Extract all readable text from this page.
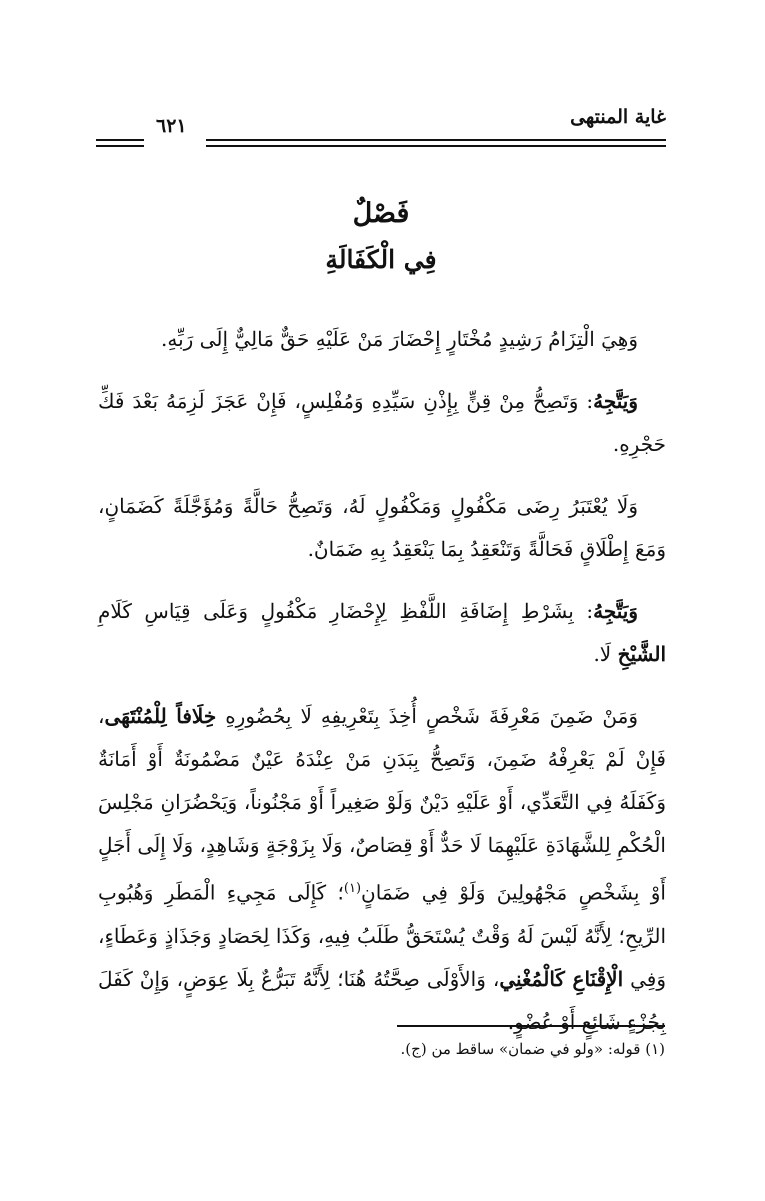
غاية المنتهى
٦٢١
فَصْلٌ
فِي الْكَفَالَةِ

وَهِيَ الْتِزَامُ رَشِيدٍ مُخْتَارٍ إِحْضَارَ مَنْ عَلَيْهِ حَقٌّ مَالِيٌّ إِلَى رَبِّهِ.

وَيَتَّجِهُ: وَتَصِحُّ مِنْ قِنٍّ بِإِذْنِ سَيِّدِهِ وَمُفْلِسٍ، فَإِنْ عَجَزَ لَزِمَهُ بَعْدَ فَكِّ حَجْرِهِ.

وَلَا يُعْتَبَرُ رِضَى مَكْفُولٍ وَمَكْفُولٍ لَهُ، وَتَصِحُّ حَالَّةً وَمُؤَجَّلَةً كَضَمَانٍ، وَمَعَ إِطْلَاقٍ فَحَالَّةً وَتَنْعَقِدُ بِمَا يَنْعَقِدُ بِهِ ضَمَانٌ.

وَيَتَّجِهُ: بِشَرْطِ إِضَافَةِ اللَّفْظِ لِإِحْضَارِ مَكْفُولٍ وَعَلَى قِيَاسِ كَلَامِ الشَّيْخِ لَا.

وَمَنْ ضَمِنَ مَعْرِفَةَ شَخْصٍ أُخِذَ بِتَعْرِيفِهِ لَا بِحُضُورِهِ خِلَافاً لِلْمُنْتَهَى، فَإِنْ لَمْ يَعْرِفْهُ ضَمِنَ، وَتَصِحُّ بِبَدَنِ مَنْ عِنْدَهُ عَيْنٌ مَضْمُونَةٌ أَوْ أَمَانَةٌ وَكَفَلَهُ فِي التَّعَدِّي، أَوْ عَلَيْهِ دَيْنٌ وَلَوْ صَغِيراً أَوْ مَجْنُوناً، وَيَحْضُرَانِ مَجْلِسَ الْحُكْمِ لِلشَّهَادَةِ عَلَيْهِمَا لَا حَدٌّ أَوْ قِصَاصٌ، وَلَا بِزَوْجَةٍ وَشَاهِدٍ، وَلَا إِلَى أَجَلٍ أَوْ بِشَخْصٍ مَجْهُولِينَ وَلَوْ فِي ضَمَانٍ$^{(١)}$؛ كَإِلَى مَجِيءِ الْمَطَرِ وَهُبُوبِ الرِّيحِ؛ لِأَنَّهُ لَيْسَ لَهُ وَقْتٌ يُسْتَحَقُّ طَلَبُ فِيهِ، وَكَذَا لِحَصَادٍ وَجَذَاذٍ وَعَطَاءٍ، وَفِي الْإِقْنَاعِ كَالْمُغْنِي، وَالأَوْلَى صِحَّتُهُ هُنَا؛ لِأَنَّهُ تَبَرُّعٌ بِلَا عِوَضٍ، وَإِنْ كَفَلَ بِجُزْءٍ شَائِعٍ أَوْ عُضْوٍ.

(١) قوله: «ولو في ضمان» ساقط من (ج).
